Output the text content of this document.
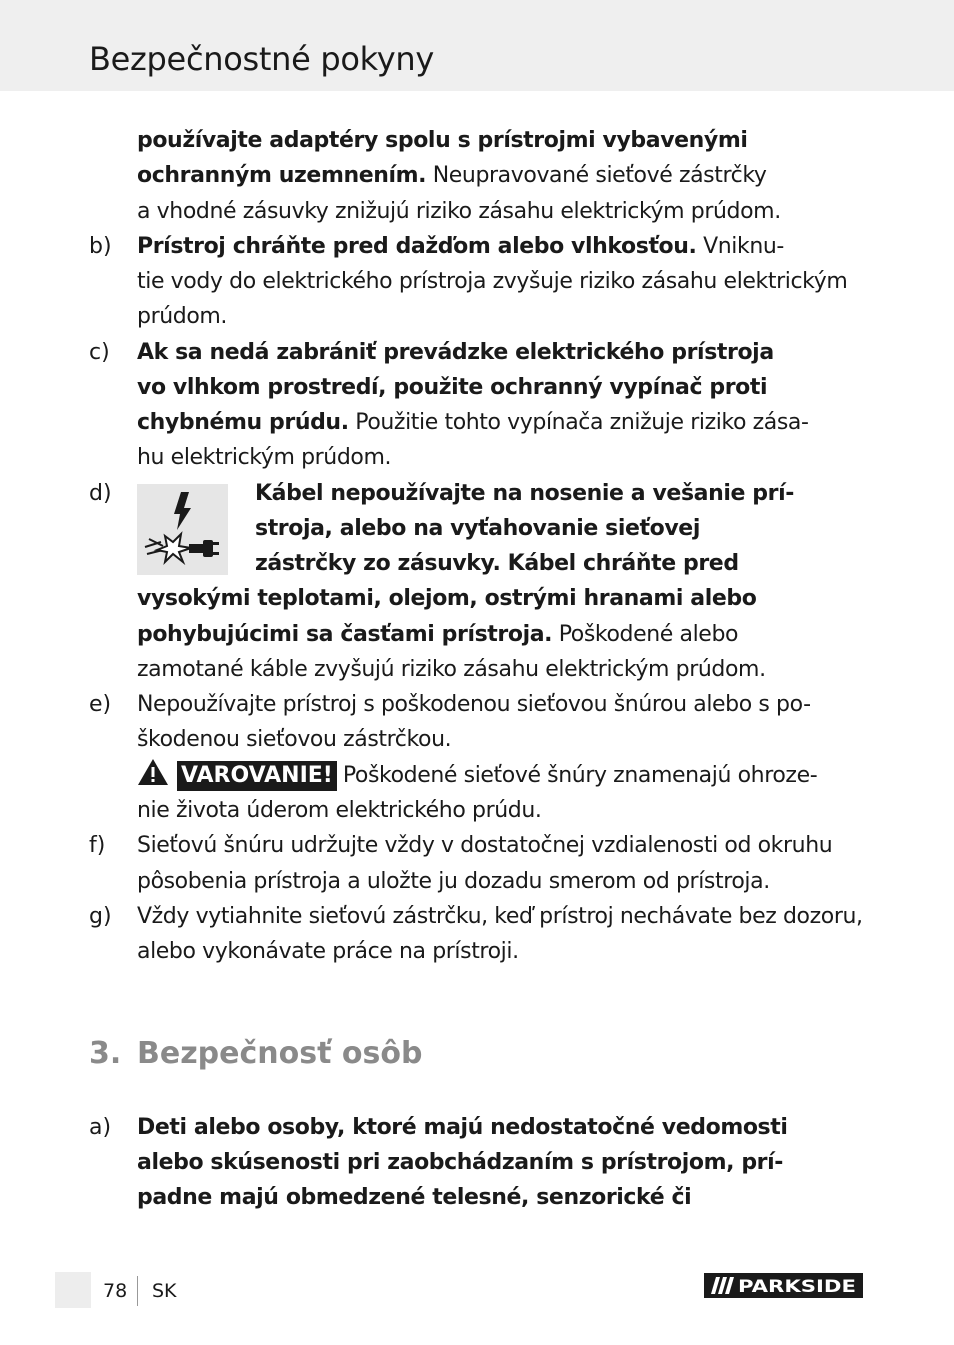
Bezpečnostné pokyny
používajte adaptéry spolu s prístrojmi vybavenými
ochranným uzemnením. Neupravované sieťové zástrčky
a vhodné zásuvky znižujú riziko zásahu elektrickým prúdom.
b) Prístroj chráňte pred dažďom alebo vlhkosťou. Vniknu-
tie vody do elektrického prístroja zvyšuje riziko zásahu elektrickým
prúdom.
c) Ak sa nedá zabrániť prevádzke elektrického prístroja
vo vlhkom prostredí, použite ochranný vypínač proti
chybnému prúdu. Použitie tohto vypínača znižuje riziko zása-
hu elektrickým prúdom.
d)	Kábel nepoužívajte na nosenie a vešanie prí-
stroja, alebo na vyťahovanie sieťovej
zástrčky zo zásuvky. Kábel chráňte pred
vysokými teplotami, olejom, ostrými hranami alebo
pohybujúcimi sa časťami prístroja. Poškodené alebo
zamotané káble zvyšujú riziko zásahu elektrickým prúdom.
e) Nepoužívajte prístroj s poškodenou sieťovou šnúrou alebo s po-
škodenou sieťovou zástrčkou.
VAROVANIE! Poškodené sieťové šnúry znamenajú ohroze-
nie života úderom elektrického prúdu.
f) Sieťovú šnúru udržujte vždy v dostatočnej vzdialenosti od okruhu
pôsobenia prístroja a uložte ju dozadu smerom od prístroja.
g) Vždy vytiahnite sieťovú zástrčku, keď prístroj nechávate bez dozoru,
alebo vykonávate práce na prístroji.
3. Bezpečnosť osôb
a) Deti alebo osoby, ktoré majú nedostatočné vedomosti
alebo skúsenosti pri zaobchádzaním s prístrojom, prí-
padne majú obmedzené telesné, senzorické či
78 SK	PARKSIDE
